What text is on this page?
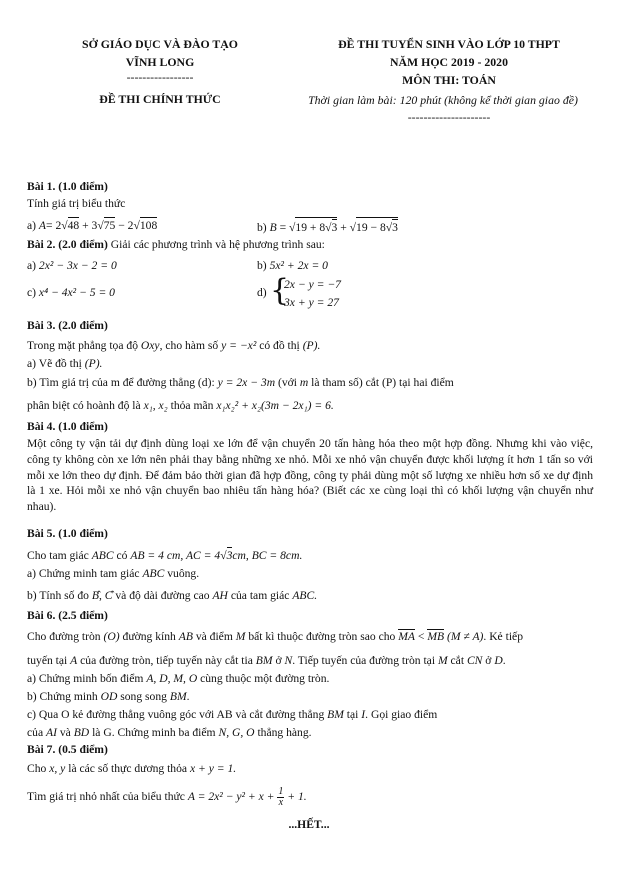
SỞ GIÁO DỤC VÀ ĐÀO TẠO
VĨNH LONG
-----------------
ĐỀ THI CHÍNH THỨC
ĐỀ THI TUYỂN SINH VÀO LỚP 10 THPT
NĂM HỌC 2019 - 2020
MÔN THI: TOÁN
Thời gian làm bài: 120 phút (không kể thời gian giao đề)
---------------------
Bài 1. (1.0 điểm)
Tính giá trị biểu thức
a) A= 2√48 + 3√75 − 2√108	b) B = √19 + 8√3 + √19 − 8√3
Bài 2. (2.0 điểm) Giải các phương trình và hệ phương trình sau:
a) 2x² − 3x − 2 = 0	b) 5x² + 2x = 0
c) x⁴ − 4x² − 5 = 0	d) {
2x − y = −7
3x + y = 27
Bài 3. (2.0 điểm)
Trong mặt phẳng tọa độ Oxy, cho hàm số y = −x² có đồ thị (P).
a) Vẽ đồ thị (P).
b) Tìm giá trị của m để đường thẳng (d): y = 2x − 3m (với m là tham số) cắt (P) tại hai điểm
phân biệt có hoành độ là x₁, x₂ thỏa mãn x₁x₂² + x₂(3m − 2x₁) = 6.
Bài 4. (1.0 điểm)
Một công ty vận tải dự định dùng loại xe lớn để vận chuyển 20 tấn hàng hóa theo một hợp đồng. Nhưng khi vào việc, công ty không còn xe lớn nên phải thay bằng những xe nhỏ. Mỗi xe nhỏ vận chuyển được khối lượng ít hơn 1 tấn so với mỗi xe lớn theo dự định. Để đảm bảo thời gian đã hợp đồng, công ty phải dùng một số lượng xe nhiều hơn số xe dự định là 1 xe. Hỏi mỗi xe nhỏ vận chuyển bao nhiêu tấn hàng hóa? (Biết các xe cùng loại thì có khối lượng vận chuyển như nhau).
Bài 5. (1.0 điểm)
Cho tam giác ABC có AB = 4 cm, AC = 4√3cm, BC = 8cm.
a) Chứng minh tam giác ABC vuông.
b) Tính số đo B, C và độ dài đường cao AH của tam giác ABC.
Bài 6. (2.5 điểm)
Cho đường tròn (O) đường kính AB và điểm M bất kì thuộc đường tròn sao cho MA < MB (M ≠ A). Kẻ tiếp
tuyến tại A của đường tròn, tiếp tuyến này cắt tia BM ở N. Tiếp tuyến của đường tròn tại M cắt CN ở D.
a) Chứng minh bốn điểm A, D, M, O cùng thuộc một đường tròn.
b) Chứng minh OD song song BM.
c) Qua O kẻ đường thẳng vuông góc với AB và cắt đường thẳng BM tại I. Gọi giao điểm
của AI và BD là G. Chứng minh ba điểm N, G, O thẳng hàng.
Bài 7. (0.5 điểm)
Cho x, y là các số thực dương thỏa x + y = 1.
Tìm giá trị nhỏ nhất của biểu thức $A = 2x^2 - y^2 + x + \frac{1}{x} + 1$.
...HẾT...
